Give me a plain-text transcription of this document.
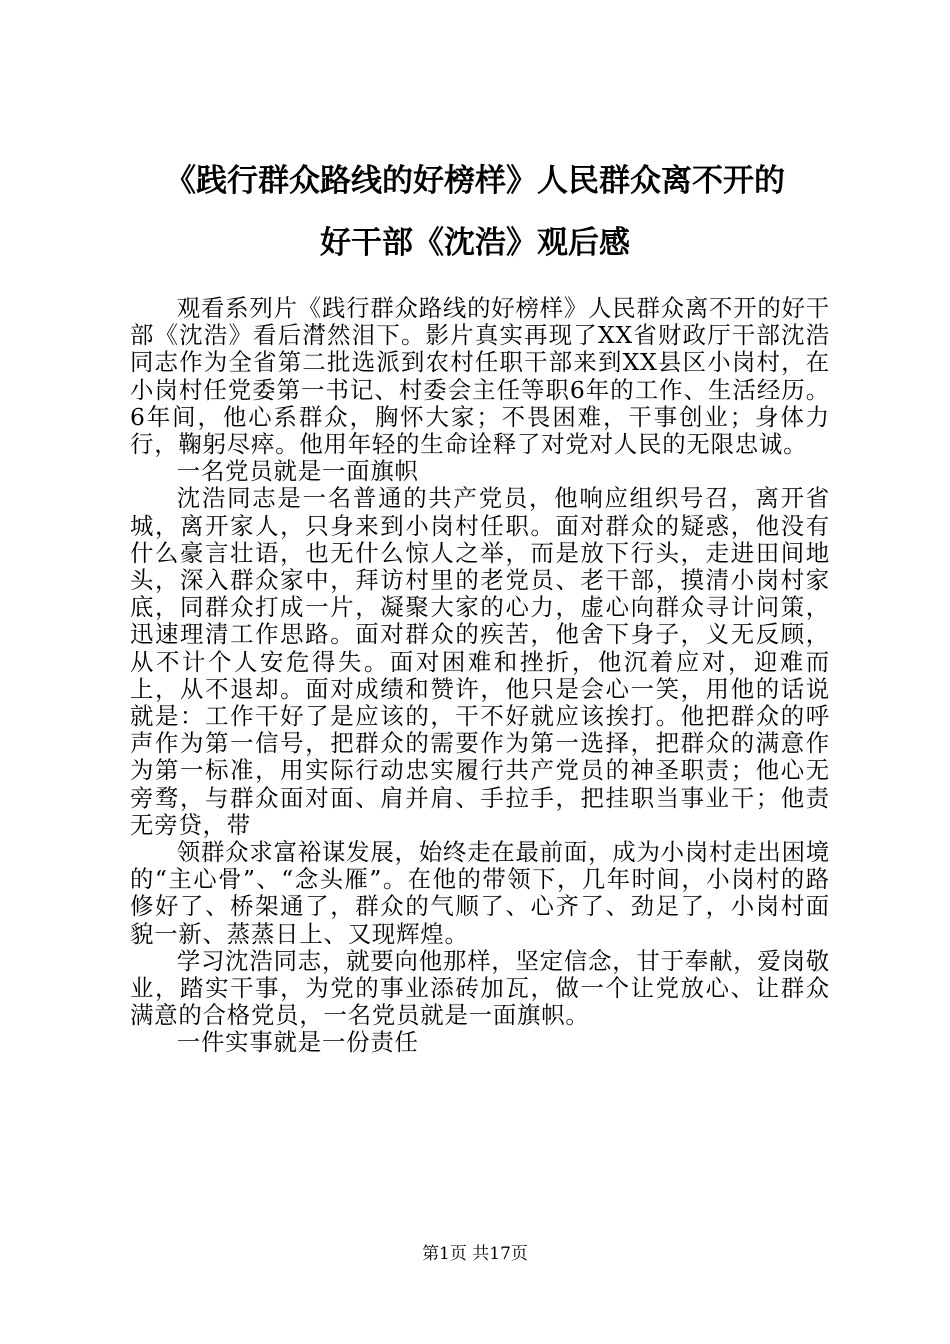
《践行群众路线的好榜样》人民群众离不开的
好干部《沈浩》观后感

观看系列片《践行群众路线的好榜样》人民群众离不开的好干部《沈浩》看后潸然泪下。影片真实再现了XX省财政厅干部沈浩同志作为全省第二批选派到农村任职干部来到XX县区小岗村，在小岗村任党委第一书记、村委会主任等职6年的工作、生活经历。6年间，他心系群众，胸怀大家；不畏困难，干事创业；身体力行，鞠躬尽瘁。他用年轻的生命诠释了对党对人民的无限忠诚。

一名党员就是一面旗帜

沈浩同志是一名普通的共产党员，他响应组织号召，离开省城，离开家人，只身来到小岗村任职。面对群众的疑惑，他没有什么豪言壮语，也无什么惊人之举，而是放下行头，走进田间地头，深入群众家中，拜访村里的老党员、老干部，摸清小岗村家底，同群众打成一片，凝聚大家的心力，虚心向群众寻计问策，迅速理清工作思路。面对群众的疾苦，他舍下身子，义无反顾，从不计个人安危得失。面对困难和挫折，他沉着应对，迎难而上，从不退却。面对成绩和赞许，他只是会心一笑，用他的话说就是：工作干好了是应该的，干不好就应该挨打。他把群众的呼声作为第一信号，把群众的需要作为第一选择，把群众的满意作为第一标准，用实际行动忠实履行共产党员的神圣职责；他心无旁骛，与群众面对面、肩并肩、手拉手，把挂职当事业干；他责无旁贷，带

领群众求富裕谋发展，始终走在最前面，成为小岗村走出困境的“主心骨”、“念头雁”。在他的带领下，几年时间，小岗村的路修好了、桥架通了，群众的气顺了、心齐了、劲足了，小岗村面貌一新、蒸蒸日上、又现辉煌。

学习沈浩同志，就要向他那样，坚定信念，甘于奉献，爱岗敬业，踏实干事，为党的事业添砖加瓦，做一个让党放心、让群众满意的合格党员，一名党员就是一面旗帜。

一件实事就是一份责任

第1页 共17页
